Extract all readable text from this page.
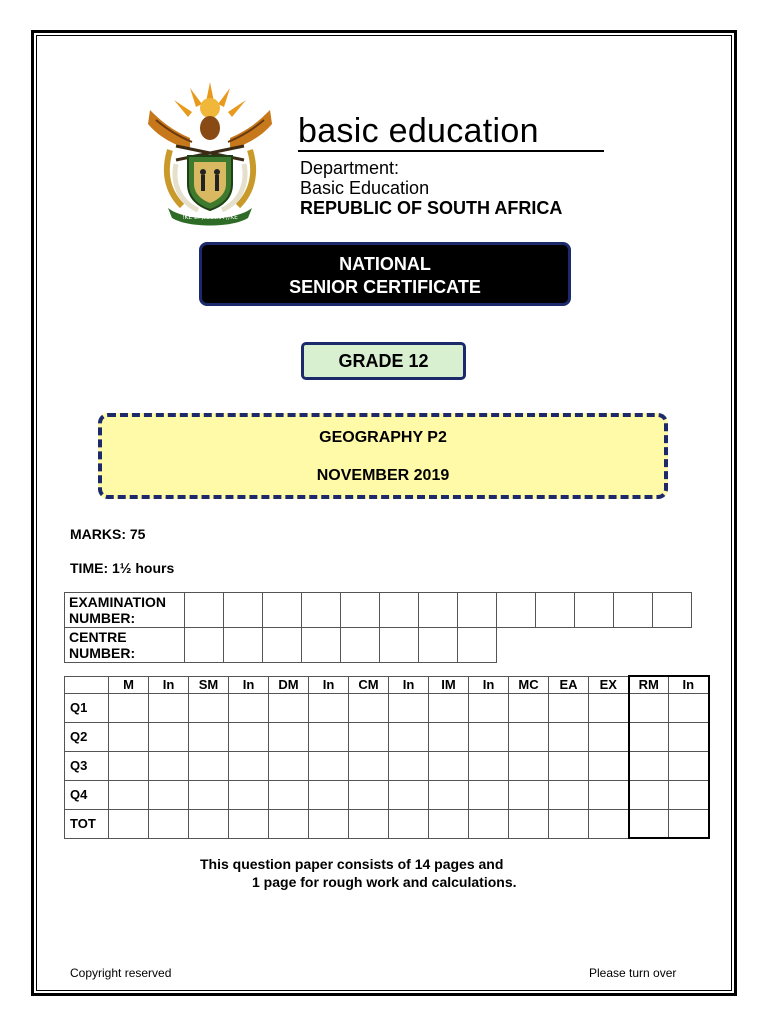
!KE E: /XARRA //KE
basic education
Department:
Basic Education
REPUBLIC OF SOUTH AFRICA
NATIONAL
SENIOR CERTIFICATE
GRADE 12
GEOGRAPHY P2
NOVEMBER 2019
MARKS: 75
TIME: 1½ hours
EXAMINATION
NUMBER:													

CENTRE
NUMBER:													

	M	In	SM	In	DM	In	CM	In	IM	In	MC	EA	EX	RM	In
Q1															
Q2															
Q3															
Q4															
TOT															
This question paper consists of 14 pages and
1 page for rough work and calculations.
Copyright reserved	Please turn over
